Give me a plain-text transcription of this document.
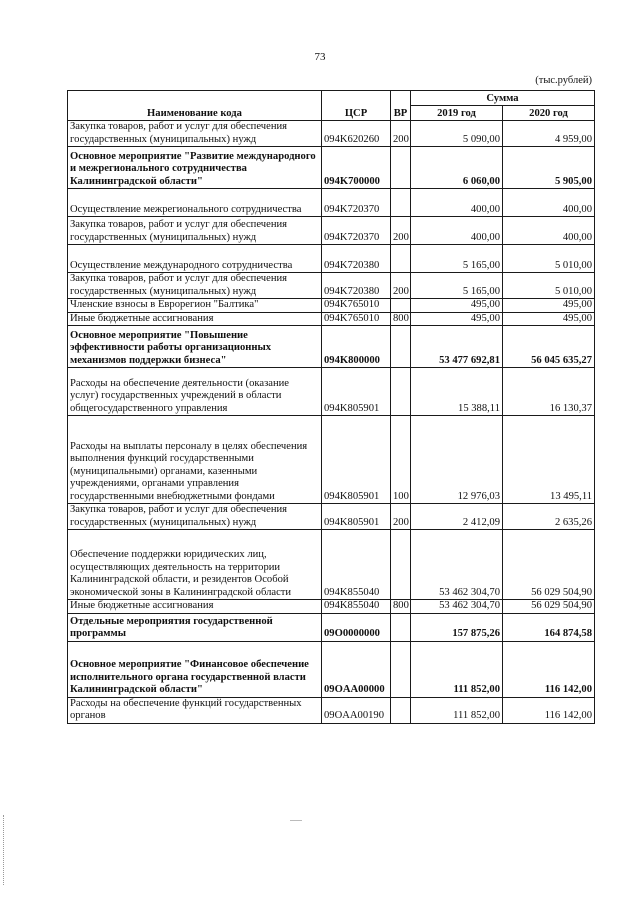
73
(тыс.рублей)
Наименование кода	ЦСР	ВР	Сумма	
			2019 год	2020 год
Закупка товаров, работ и услуг для обеспечения государственных (муниципальных) нужд	094K620260	200	5 090,00	4 959,00
Основное мероприятие "Развитие международного и межрегионального сотрудничества Калининградской области"	094K700000		6 060,00	5 905,00
Осуществление межрегионального сотрудничества	094K720370		400,00	400,00
Закупка товаров, работ и услуг для обеспечения государственных (муниципальных) нужд	094K720370	200	400,00	400,00
Осуществление международного сотрудничества	094K720380		5 165,00	5 010,00
Закупка товаров, работ и услуг для обеспечения государственных (муниципальных) нужд	094K720380	200	5 165,00	5 010,00
Членские взносы в Еврорегион "Балтика"	094K765010		495,00	495,00
Иные бюджетные ассигнования	094K765010	800	495,00	495,00
Основное мероприятие "Повышение эффективности работы организационных механизмов поддержки бизнеса"	094K800000		53 477 692,81	56 045 635,27
Расходы на обеспечение деятельности (оказание услуг) государственных учреждений в области общегосударственного управления	094K805901		15 388,11	16 130,37
Расходы на выплаты персоналу в целях обеспечения выполнения функций государственными (муниципальными) органами, казенными учреждениями, органами управления государственными внебюджетными фондами	094K805901	100	12 976,03	13 495,11
Закупка товаров, работ и услуг для обеспечения государственных (муниципальных) нужд	094K805901	200	2 412,09	2 635,26
Обеспечение поддержки юридических лиц, осуществляющих деятельность на территории Калининградской области, и резидентов Особой экономической зоны в Калининградской области	094K855040		53 462 304,70	56 029 504,90
Иные бюджетные ассигнования	094K855040	800	53 462 304,70	56 029 504,90
Отдельные мероприятия государственной программы	09O0000000		157 875,26	164 874,58
Основное мероприятие "Финансовое обеспечение исполнительного органа государственной власти Калининградской области"	09OAA00000		111 852,00	116 142,00
Расходы на обеспечение функций государственных органов	09OAA00190		111 852,00	116 142,00
